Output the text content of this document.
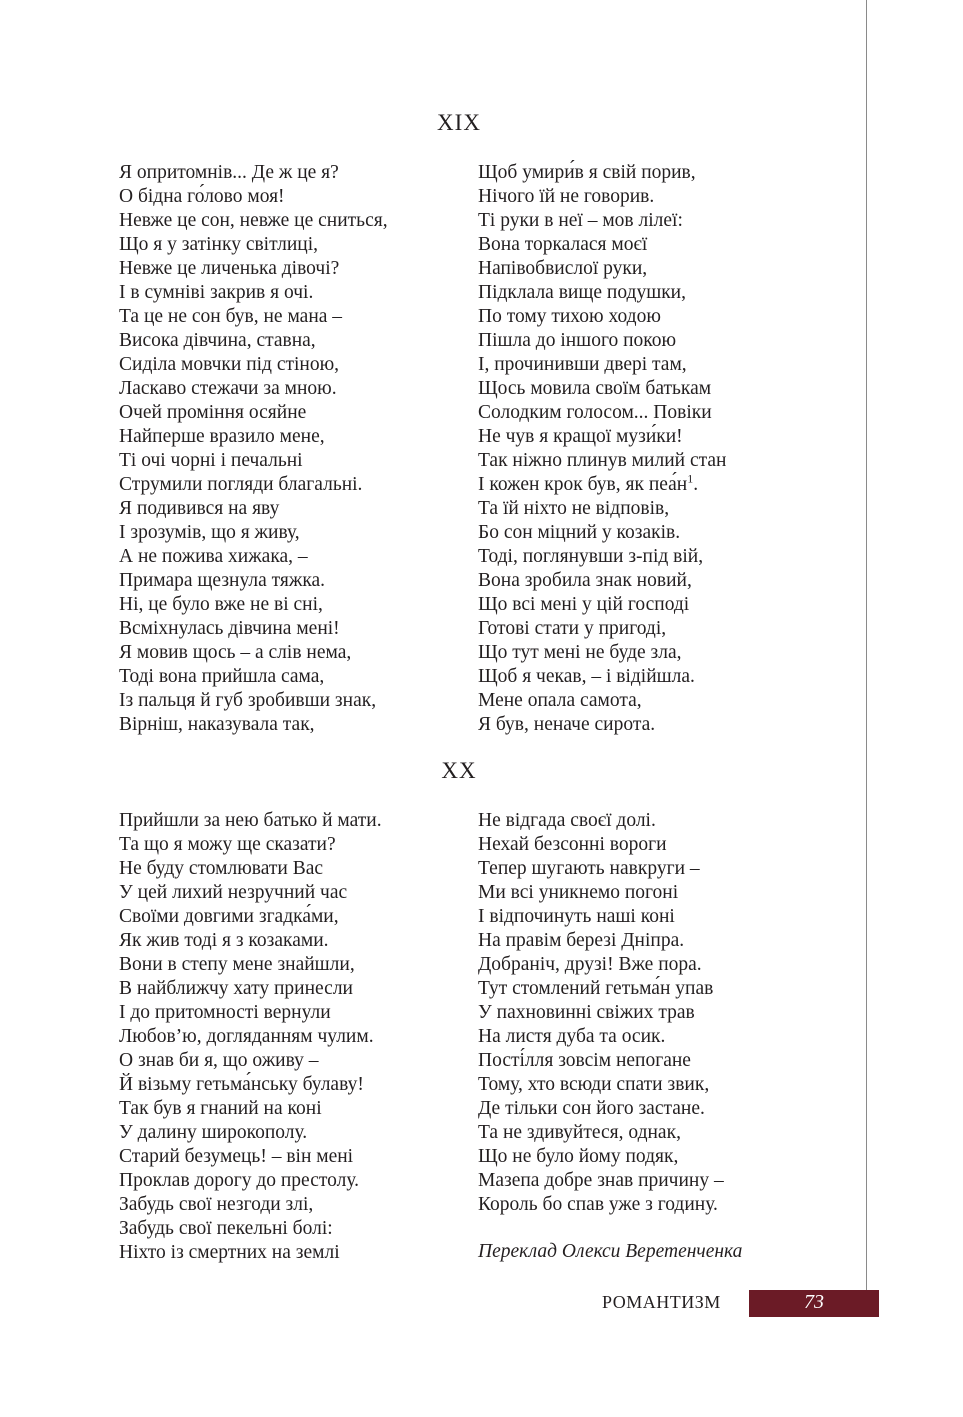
XIX
Я опритомнів... Де ж це я?
О бідна го́лово моя!
Невже це сон, невже це сниться,
Що я у затінку світлиці,
Невже це личенька дівочі?
І в сумніві закрив я очі.
Та це не сон був, не мана –
Висока дівчина, ставна,
Сиділа мовчки під стіною,
Ласкаво стежачи за мною.
Очей проміння осяйне
Найперше вразило мене,
Ті очі чорні і печальні
Струмили погляди благальні.
Я подивився на яву
І зрозумів, що я живу,
А не пожива хижака, –
Примара щезнула тяжка.
Ні, це було вже не ві сні,
Всміхнулась дівчина мені!
Я мовив щось – а слів нема,
Тоді вона прийшла сама,
Із пальця й губ зробивши знак,
Вірніш, наказувала так,
Щоб умири́в я свій порив,
Нічого їй не говорив.
Ті руки в неї – мов лілеї:
Вона торкалася моєї
Напівобвислої руки,
Підклала вище подушки,
По тому тихою ходою
Пішла до іншого покою
І, прочинивши двері там,
Щось мовила своїм батькам
Солодким голосом... Повіки
Не чув я кращої музи́ки!
Так ніжно плинув милий стан
І кожен крок був, як $пеа́н^1$.
Та їй ніхто не відповів,
Бо сон міцний у козаків.
Тоді, поглянувши з-під вій,
Вона зробила знак новий,
Що всі мені у цій господі
Готові стати у пригоді,
Що тут мені не буде зла,
Щоб я чекав, – і відійшла.
Мене опала самота,
Я був, неначе сирота.
XX
Прийшли за нею батько й мати.
Та що я можу ще сказати?
Не буду стомлювати Вас
У цей лихий незручний час
Своїми довгими згадка́ми,
Як жив тоді я з козаками.
Вони в степу мене знайшли,
В найближчу хату принесли
І до притомності вернули
Любов’ю, догляданням чулим.
О знав би я, що оживу –
Й візьму гетьма́нську булаву!
Так був я гнаний на коні
У далину широкополу.
Старий безумець! – він мені
Проклав дорогу до престолу.
Забудь свої незгоди злі,
Забудь свої пекельні болі:
Ніхто із смертних на землі
Не відгада своєї долі.
Нехай безсонні вороги
Тепер шугають навкруги –
Ми всі уникнемо погоні
І відпочинуть наші коні
На правім березі Дніпра.
Добраніч, друзі! Вже пора.
Тут стомлений гетьма́н упав
У пахновинні свіжих трав
На листя дуба та осик.
Пості́лля зовсім непогане
Тому, хто всюди спати звик,
Де тільки сон його застане.
Та не здивуйтеся, однак,
Що не було йому подяк,
Мазепа добре знав причину –
Король бо спав уже з годину.
Переклад Олекси Веретенченка
РОМАНТИЗМ	73
